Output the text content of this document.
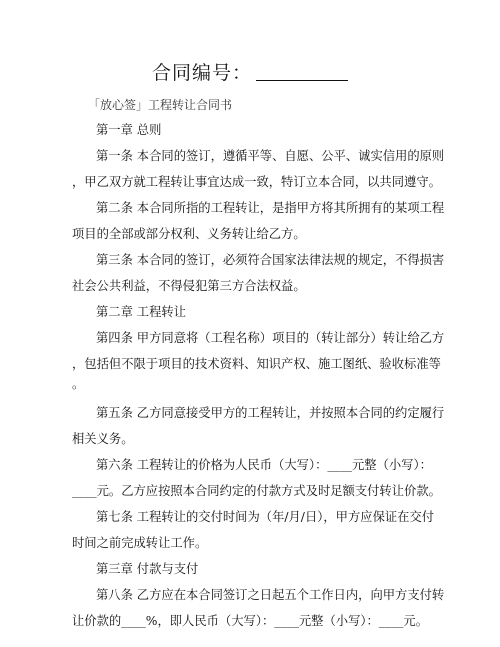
合同编号：
「放心签」工程转让合同书
第一章 总则
第一条 本合同的签订，遵循平等、自愿、公平、诚实信用的原则
，甲乙双方就工程转让事宜达成一致，特订立本合同，以共同遵守。
第二条 本合同所指的工程转让，是指甲方将其所拥有的某项工程
项目的全部或部分权利、义务转让给乙方。
第三条 本合同的签订，必须符合国家法律法规的规定，不得损害
社会公共利益，不得侵犯第三方合法权益。
第二章 工程转让
第四条 甲方同意将（工程名称）项目的（转让部分）转让给乙方
，包括但不限于项目的技术资料、知识产权、施工图纸、验收标准等
。
第五条 乙方同意接受甲方的工程转让，并按照本合同的约定履行
相关义务。
第六条 工程转让的价格为人民币（大写）：____元整（小写）：
____元。乙方应按照本合同约定的付款方式及时足额支付转让价款。
第七条 工程转让的交付时间为（年/月/日），甲方应保证在交付
时间之前完成转让工作。
第三章 付款与支付
第八条 乙方应在本合同签订之日起五个工作日内，向甲方支付转
让价款的____%，即人民币（大写）：____元整（小写）：____元。
